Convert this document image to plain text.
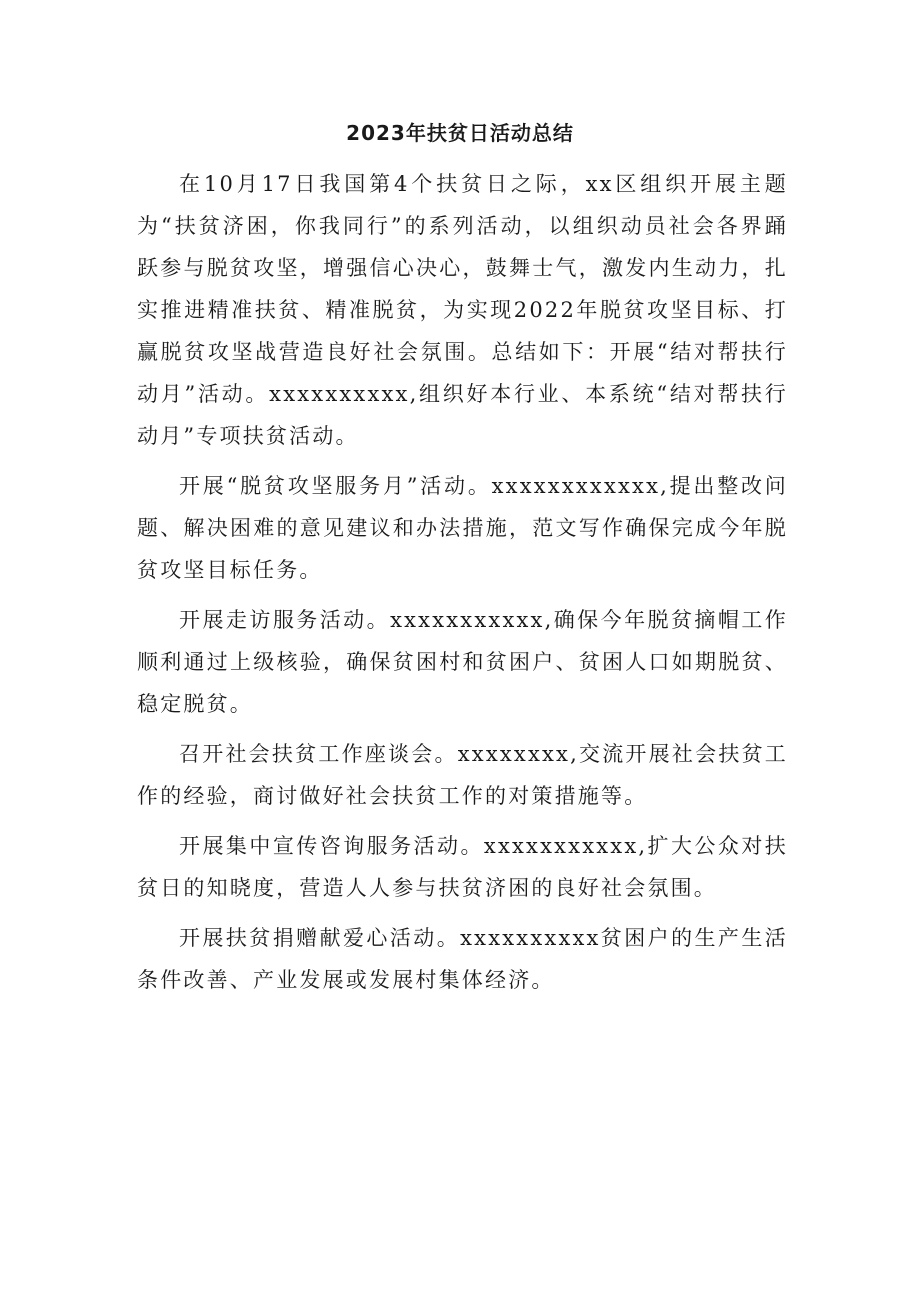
2023年扶贫日活动总结

在10月17日我国第4个扶贫日之际，xx区组织开展主题为“扶贫济困，你我同行”的系列活动，以组织动员社会各界踊跃参与脱贫攻坚，增强信心决心，鼓舞士气，激发内生动力，扎实推进精准扶贫、精准脱贫，为实现2022年脱贫攻坚目标、打赢脱贫攻坚战营造良好社会氛围。总结如下：开展“结对帮扶行动月”活动。xxxxxxxxxx,组织好本行业、本系统“结对帮扶行动月”专项扶贫活动。

开展“脱贫攻坚服务月”活动。xxxxxxxxxxxx,提出整改问题、解决困难的意见建议和办法措施，范文写作确保完成今年脱贫攻坚目标任务。

开展走访服务活动。xxxxxxxxxxx,确保今年脱贫摘帽工作顺利通过上级核验，确保贫困村和贫困户、贫困人口如期脱贫、稳定脱贫。

召开社会扶贫工作座谈会。xxxxxxxx,交流开展社会扶贫工作的经验，商讨做好社会扶贫工作的对策措施等。

开展集中宣传咨询服务活动。xxxxxxxxxxx,扩大公众对扶贫日的知晓度，营造人人参与扶贫济困的良好社会氛围。

开展扶贫捐赠献爱心活动。xxxxxxxxxx贫困户的生产生活条件改善、产业发展或发展村集体经济。
